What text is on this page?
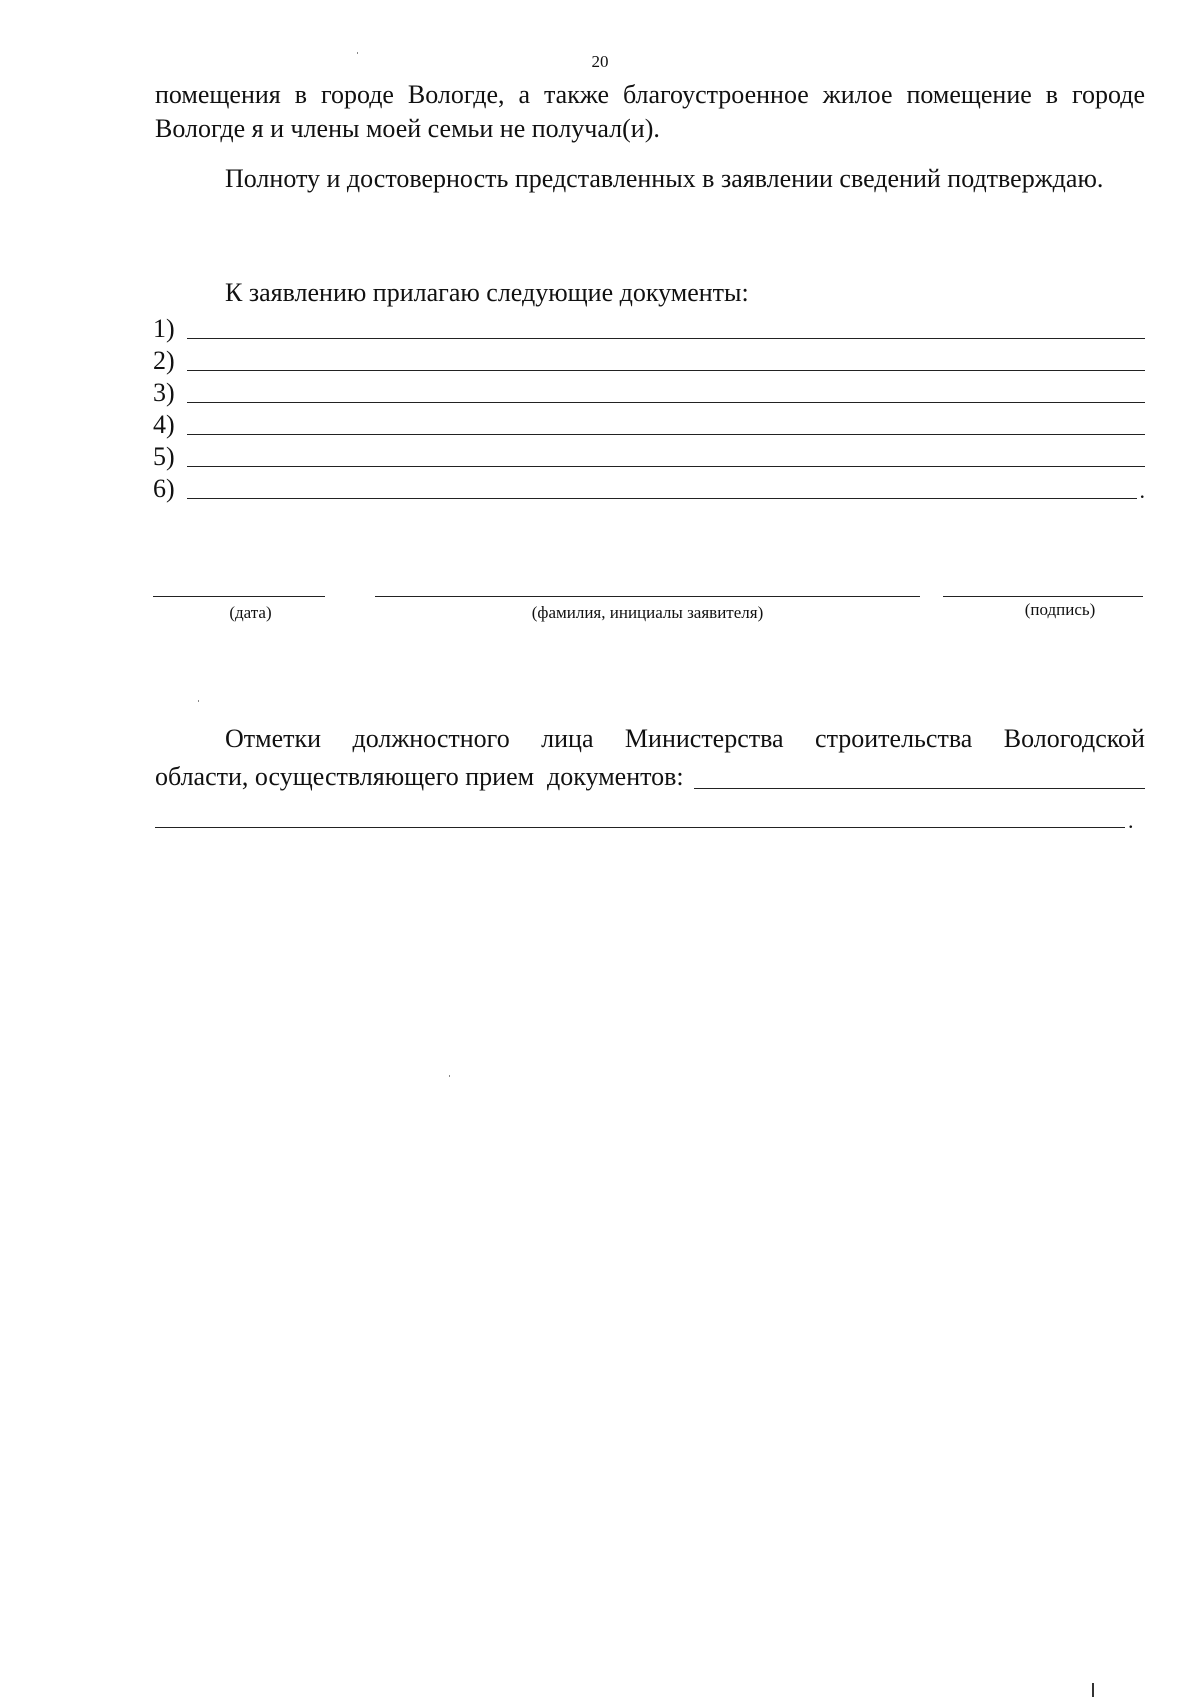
20

помещения в городе Вологде, а также благоустроенное жилое помещение в городе Вологде я и члены моей семьи не получал(и).

Полноту и достоверность представленных в заявлении сведений подтверждаю.

К заявлению прилагаю следующие документы:

1)
2)
3)
4)
5)
6)	.
(дата)	(фамилия, инициалы заявителя)	(подпись)
Отметки должностного лица Министерства строительства Вологодской
области, осуществляющего прием  документов:
.
